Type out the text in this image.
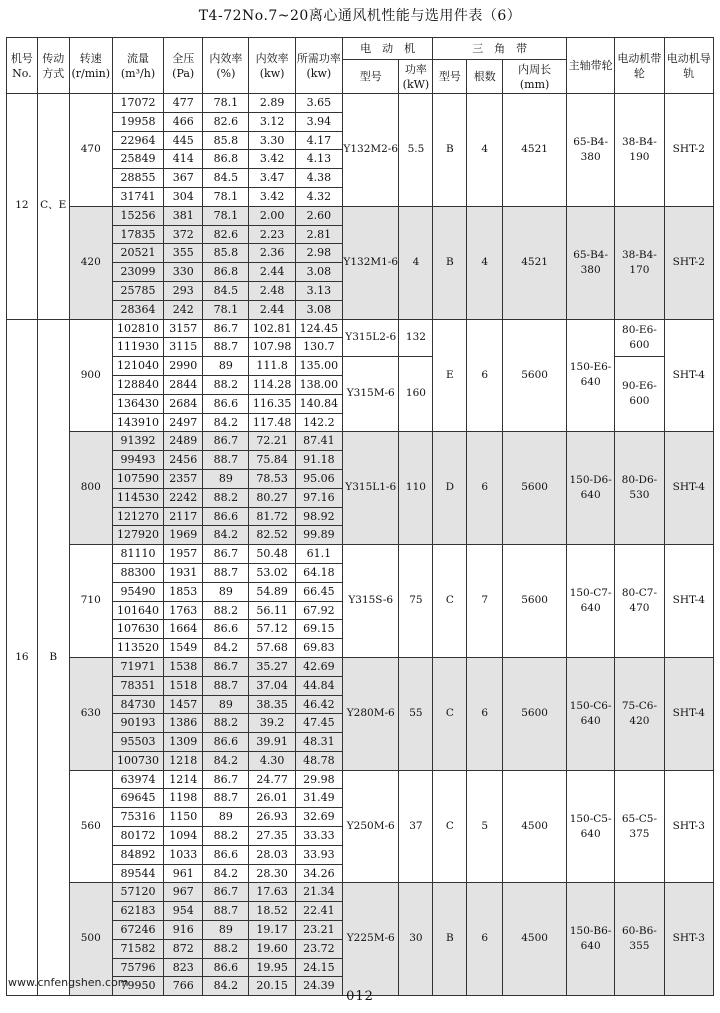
T4-72No.7~20离心通风机性能与选用件表（6）
机号 No.	传动方式	转速 (r/min)	流量 (m³/h)	全压 (Pa)	内效率 (%)	内效率 (kw)	所需功率 (kw)	电　动　机		三　角　带			主轴带轮	电动机带轮	电动机导轨
								型号	功率 (kW)	型号	根数	内周长 (mm)			
12	C、E	470	17072	477	78.1	2.89	3.65	Y132M2-6	5.5	B	4	4521	65-B4-380	38-B4-190	SHT-2
			19958	466	82.6	3.12	3.94								
			22964	445	85.8	3.30	4.17								
			25849	414	86.8	3.42	4.13								
			28855	367	84.5	3.47	4.38								
			31741	304	78.1	3.42	4.32								
		420	15256	381	78.1	2.00	2.60	Y132M1-6	4	B	4	4521	65-B4-380	38-B4-170	SHT-2
			17835	372	82.6	2.23	2.81								
			20521	355	85.8	2.36	2.98								
			23099	330	86.8	2.44	3.08								
			25785	293	84.5	2.48	3.13								
			28364	242	78.1	2.44	3.08								
16	B	900	102810	3157	86.7	102.81	124.45	Y315L2-6	132	E	6	5600	150-E6-640	80-E6-600	SHT-4
			111930	3115	88.7	107.98	130.7								
			121040	2990	89	111.8	135.00	Y315M-6	160					90-E6-600	
			128840	2844	88.2	114.28	138.00								
			136430	2684	86.6	116.35	140.84								
			143910	2497	84.2	117.48	142.2								
		800	91392	2489	86.7	72.21	87.41	Y315L1-6	110	D	6	5600	150-D6-640	80-D6-530	SHT-4
			99493	2456	88.7	75.84	91.18								
			107590	2357	89	78.53	95.06								
			114530	2242	88.2	80.27	97.16								
			121270	2117	86.6	81.72	98.92								
			127920	1969	84.2	82.52	99.89								
		710	81110	1957	86.7	50.48	61.1	Y315S-6	75	C	7	5600	150-C7-640	80-C7-470	SHT-4
			88300	1931	88.7	53.02	64.18								
			95490	1853	89	54.89	66.45								
			101640	1763	88.2	56.11	67.92								
			107630	1664	86.6	57.12	69.15								
			113520	1549	84.2	57.68	69.83								
		630	71971	1538	86.7	35.27	42.69	Y280M-6	55	C	6	5600	150-C6-640	75-C6-420	SHT-4
			78351	1518	88.7	37.04	44.84								
			84730	1457	89	38.35	46.42								
			90193	1386	88.2	39.2	47.45								
			95503	1309	86.6	39.91	48.31								
			100730	1218	84.2	4.30	48.78								
		560	63974	1214	86.7	24.77	29.98	Y250M-6	37	C	5	4500	150-C5-640	65-C5-375	SHT-3
			69645	1198	88.7	26.01	31.49								
			75316	1150	89	26.93	32.69								
			80172	1094	88.2	27.35	33.33								
			84892	1033	86.6	28.03	33.93								
			89544	961	84.2	28.30	34.26								
		500	57120	967	86.7	17.63	21.34	Y225M-6	30	B	6	4500	150-B6-640	60-B6-355	SHT-3
			62183	954	88.7	18.52	22.41								
			67246	916	89	19.17	23.21								
			71582	872	88.2	19.60	23.72								
			75796	823	86.6	19.95	24.15								
			79950	766	84.2	20.15	24.39								
www.cnfengshen.com
012
